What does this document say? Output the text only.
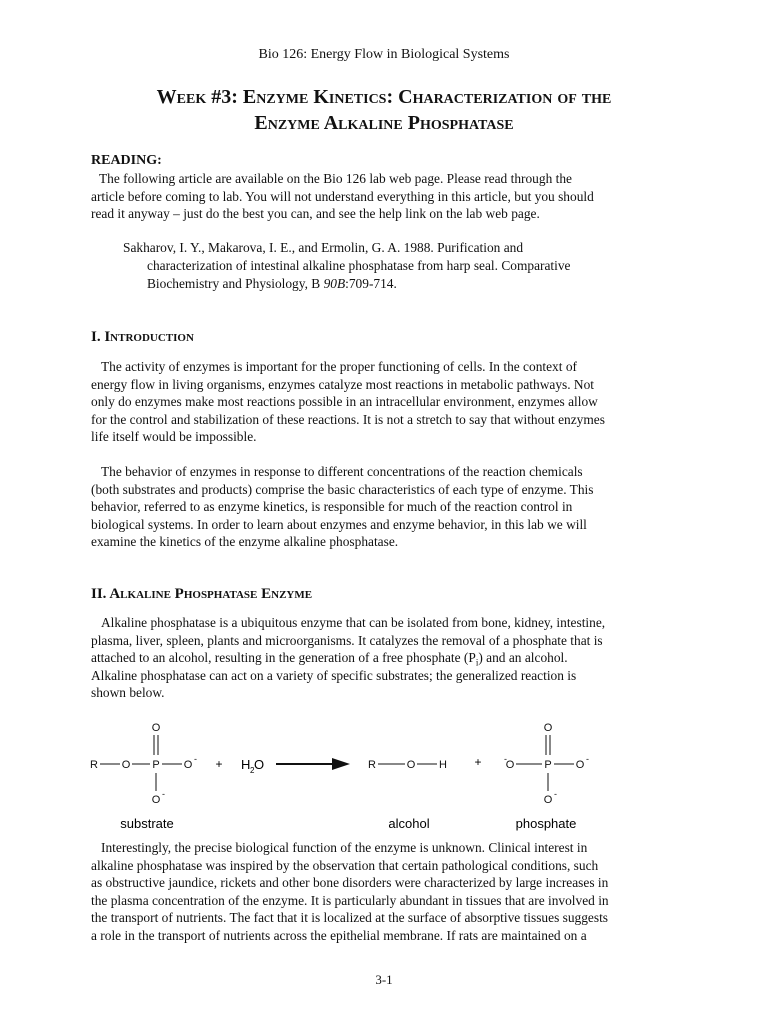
Bio 126: Energy Flow in Biological Systems
Week #3: Enzyme Kinetics: Characterization of the
Enzyme Alkaline Phosphatase
READING:
The following article are available on the Bio 126 lab web page. Please read through the
article before coming to lab. You will not understand everything in this article, but you should
read it anyway – just do the best you can, and see the help link on the lab web page.
Sakharov, I. Y., Makarova, I. E., and Ermolin, G. A. 1988. Purification and
characterization of intestinal alkaline phosphatase from harp seal. Comparative
Biochemistry and Physiology, B 90B:709-714.
I. Introduction
The activity of enzymes is important for the proper functioning of cells. In the context of
energy flow in living organisms, enzymes catalyze most reactions in metabolic pathways. Not
only do enzymes make most reactions possible in an intracellular environment, enzymes allow
for the control and stabilization of these reactions. It is not a stretch to say that without enzymes
life itself would be impossible.
The behavior of enzymes in response to different concentrations of the reaction chemicals
(both substrates and products) comprise the basic characteristics of each type of enzyme. This
behavior, referred to as enzyme kinetics, is responsible for much of the reaction control in
biological systems. In order to learn about enzymes and enzyme behavior, in this lab we will
examine the kinetics of the enzyme alkaline phosphatase.
II. Alkaline Phosphatase Enzyme
Alkaline phosphatase is a ubiquitous enzyme that can be isolated from bone, kidney, intestine,
plasma, liver, spleen, plants and microorganisms. It catalyzes the removal of a phosphate that is
attached to an alcohol, resulting in the generation of a free phosphate $(P_i)$ and an alcohol.
Alkaline phosphatase can act on a variety of specific substrates; the generalized reaction is
shown below.
O
R O P O -
O -
+ H 2 O	R	O H +
O
-
O	P O -
O -
substrate	alcohol	phosphate
Interestingly, the precise biological function of the enzyme is unknown. Clinical interest in
alkaline phosphatase was inspired by the observation that certain pathological conditions, such
as obstructive jaundice, rickets and other bone disorders were characterized by large increases in
the plasma concentration of the enzyme. It is particularly abundant in tissues that are involved in
the transport of nutrients. The fact that it is localized at the surface of absorptive tissues suggests
a role in the transport of nutrients across the epithelial membrane. If rats are maintained on a
3-1
